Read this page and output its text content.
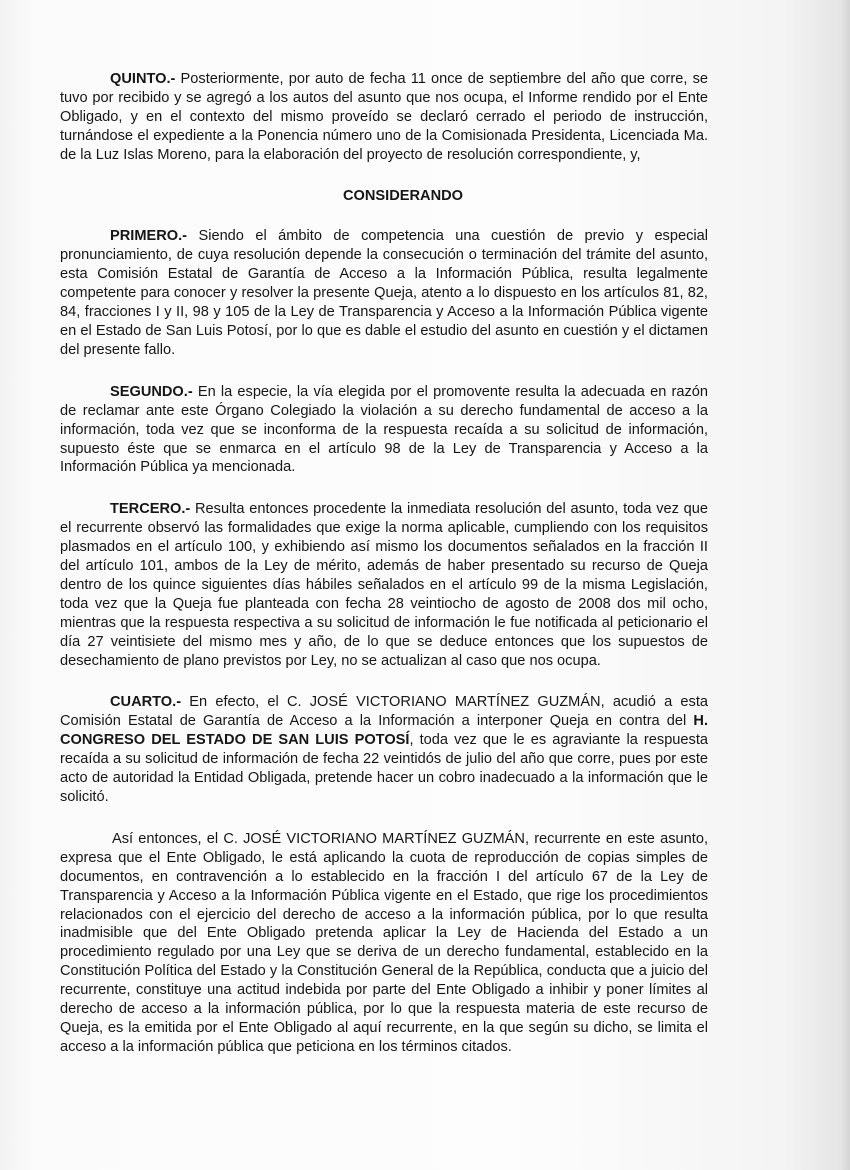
QUINTO.- Posteriormente, por auto de fecha 11 once de septiembre del año que corre, se tuvo por recibido y se agregó a los autos del asunto que nos ocupa, el Informe rendido por el Ente Obligado, y en el contexto del mismo proveído se declaró cerrado el periodo de instrucción, turnándose el expediente a la Ponencia número uno de la Comisionada Presidenta, Licenciada Ma. de la Luz Islas Moreno, para la elaboración del proyecto de resolución correspondiente, y,

CONSIDERANDO

PRIMERO.- Siendo el ámbito de competencia una cuestión de previo y especial pronunciamiento, de cuya resolución depende la consecución o terminación del trámite del asunto, esta Comisión Estatal de Garantía de Acceso a la Información Pública, resulta legalmente competente para conocer y resolver la presente Queja, atento a lo dispuesto en los artículos 81, 82, 84, fracciones I y II, 98 y 105 de la Ley de Transparencia y Acceso a la Información Pública vigente en el Estado de San Luis Potosí, por lo que es dable el estudio del asunto en cuestión y el dictamen del presente fallo.

SEGUNDO.- En la especie, la vía elegida por el promovente resulta la adecuada en razón de reclamar ante este Órgano Colegiado la violación a su derecho fundamental de acceso a la información, toda vez que se inconforma de la respuesta recaída a su solicitud de información, supuesto éste que se enmarca en el artículo 98 de la Ley de Transparencia y Acceso a la Información Pública ya mencionada.

TERCERO.- Resulta entonces procedente la inmediata resolución del asunto, toda vez que el recurrente observó las formalidades que exige la norma aplicable, cumpliendo con los requisitos plasmados en el artículo 100, y exhibiendo así mismo los documentos señalados en la fracción II del artículo 101, ambos de la Ley de mérito, además de haber presentado su recurso de Queja dentro de los quince siguientes días hábiles señalados en el artículo 99 de la misma Legislación, toda vez que la Queja fue planteada con fecha 28 veintiocho de agosto de 2008 dos mil ocho, mientras que la respuesta respectiva a su solicitud de información le fue notificada al peticionario el día 27 veintisiete del mismo mes y año, de lo que se deduce entonces que los supuestos de desechamiento de plano previstos por Ley, no se actualizan al caso que nos ocupa.

CUARTO.- En efecto, el C. JOSÉ VICTORIANO MARTÍNEZ GUZMÁN, acudió a esta Comisión Estatal de Garantía de Acceso a la Información a interponer Queja en contra del H. CONGRESO DEL ESTADO DE SAN LUIS POTOSÍ, toda vez que le es agraviante la respuesta recaída a su solicitud de información de fecha 22 veintidós de julio del año que corre, pues por este acto de autoridad la Entidad Obligada, pretende hacer un cobro inadecuado a la información que le solicitó.

Así entonces, el C. JOSÉ VICTORIANO MARTÍNEZ GUZMÁN, recurrente en este asunto, expresa que el Ente Obligado, le está aplicando la cuota de reproducción de copias simples de documentos, en contravención a lo establecido en la fracción I del artículo 67 de la Ley de Transparencia y Acceso a la Información Pública vigente en el Estado, que rige los procedimientos relacionados con el ejercicio del derecho de acceso a la información pública, por lo que resulta inadmisible que del Ente Obligado pretenda aplicar la Ley de Hacienda del Estado a un procedimiento regulado por una Ley que se deriva de un derecho fundamental, establecido en la Constitución Política del Estado y la Constitución General de la República, conducta que a juicio del recurrente, constituye una actitud indebida por parte del Ente Obligado a inhibir y poner límites al derecho de acceso a la información pública, por lo que la respuesta materia de este recurso de Queja, es la emitida por el Ente Obligado al aquí recurrente, en la que según su dicho, se limita el acceso a la información pública que peticiona en los términos citados.
